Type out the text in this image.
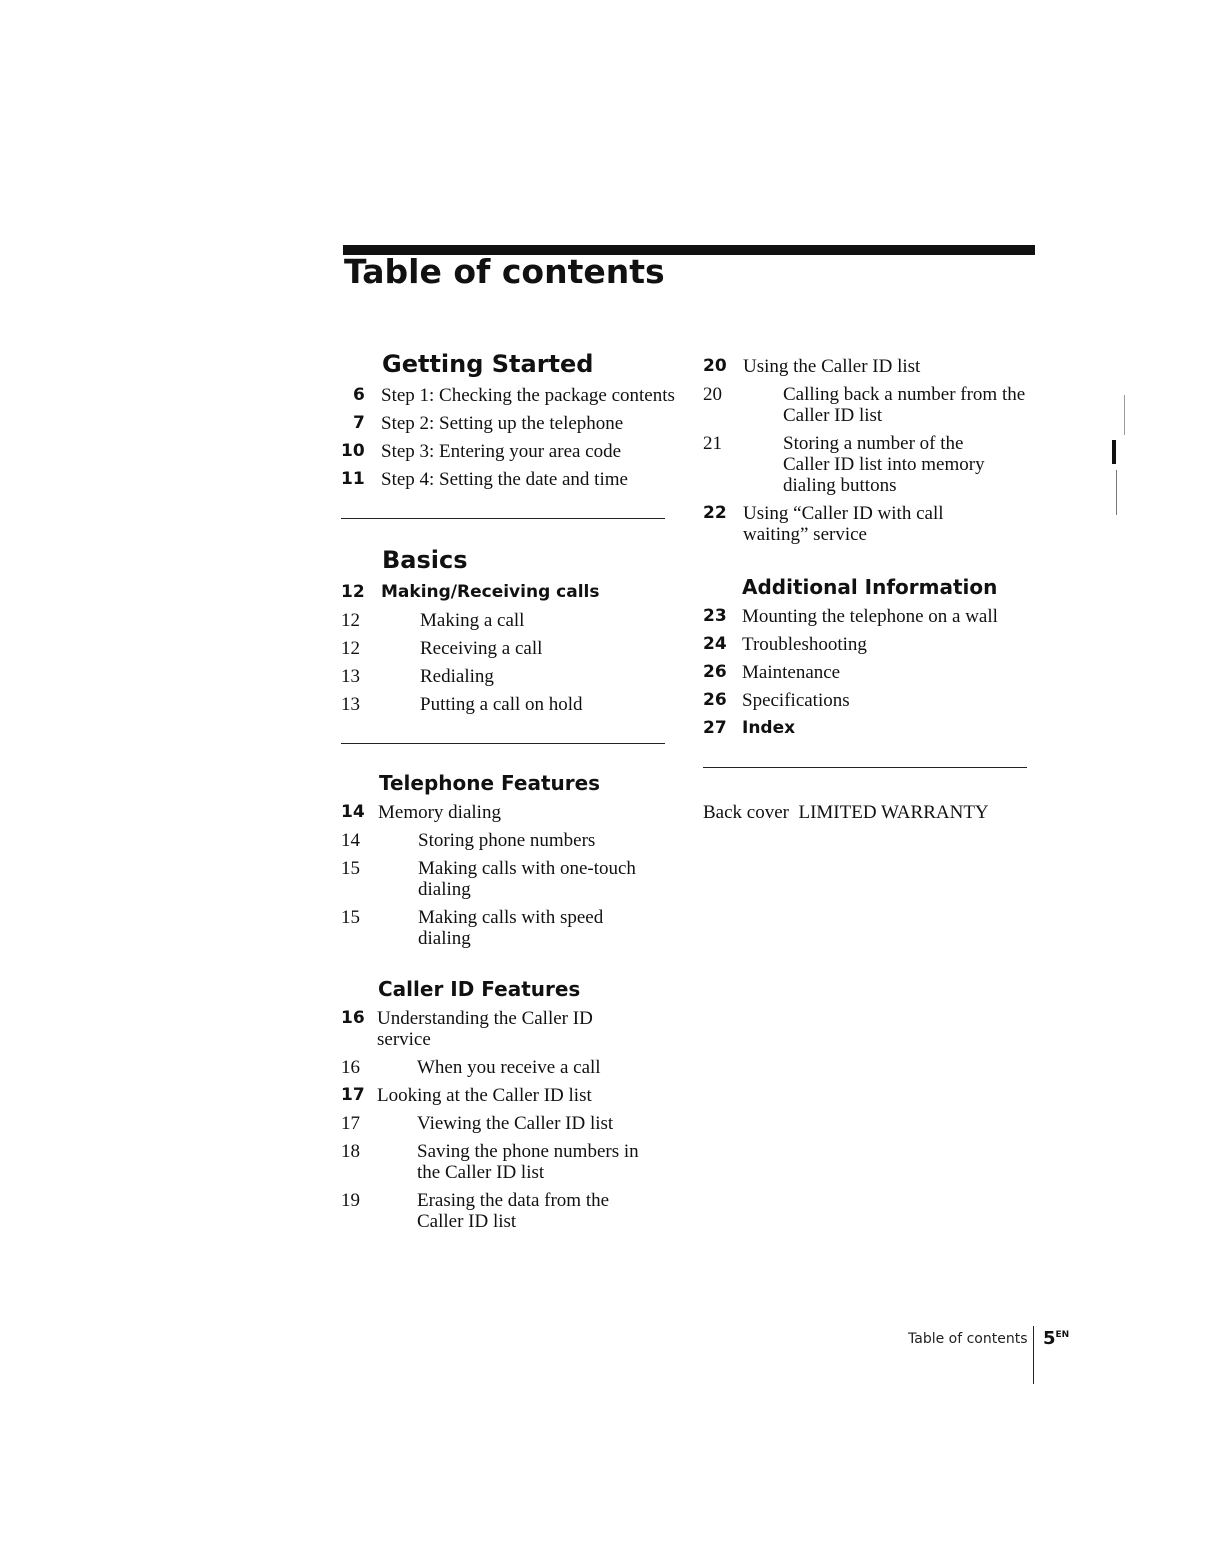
Table of contents
Getting Started
6 Step 1: Checking the package contents
7 Step 2: Setting up the telephone
10 Step 3: Entering your area code
11 Step 4: Setting the date and time
Basics
12 Making/Receiving calls
12	Making a call
12	Receiving a call
13	Redialing
13	Putting a call on hold
Telephone Features
14 Memory dialing
14	Storing phone numbers
15	Making calls with one-touch dialing
15	Making calls with speed dialing
Caller ID Features
16 Understanding the Caller ID service
16	When you receive a call
17 Looking at the Caller ID list
17	Viewing the Caller ID list
18	Saving the phone numbers in the Caller ID list
19	Erasing the data from the Caller ID list
20 Using the Caller ID list
20	Calling back a number from the Caller ID list
21	Storing a number of the Caller ID list into memory dialing buttons
22 Using “Caller ID with call waiting” service
Additional Information
23 Mounting the telephone on a wall
24 Troubleshooting
26 Maintenance
26 Specifications
27 Index
Back cover  LIMITED WARRANTY
Table of contents $5^{EN}$
